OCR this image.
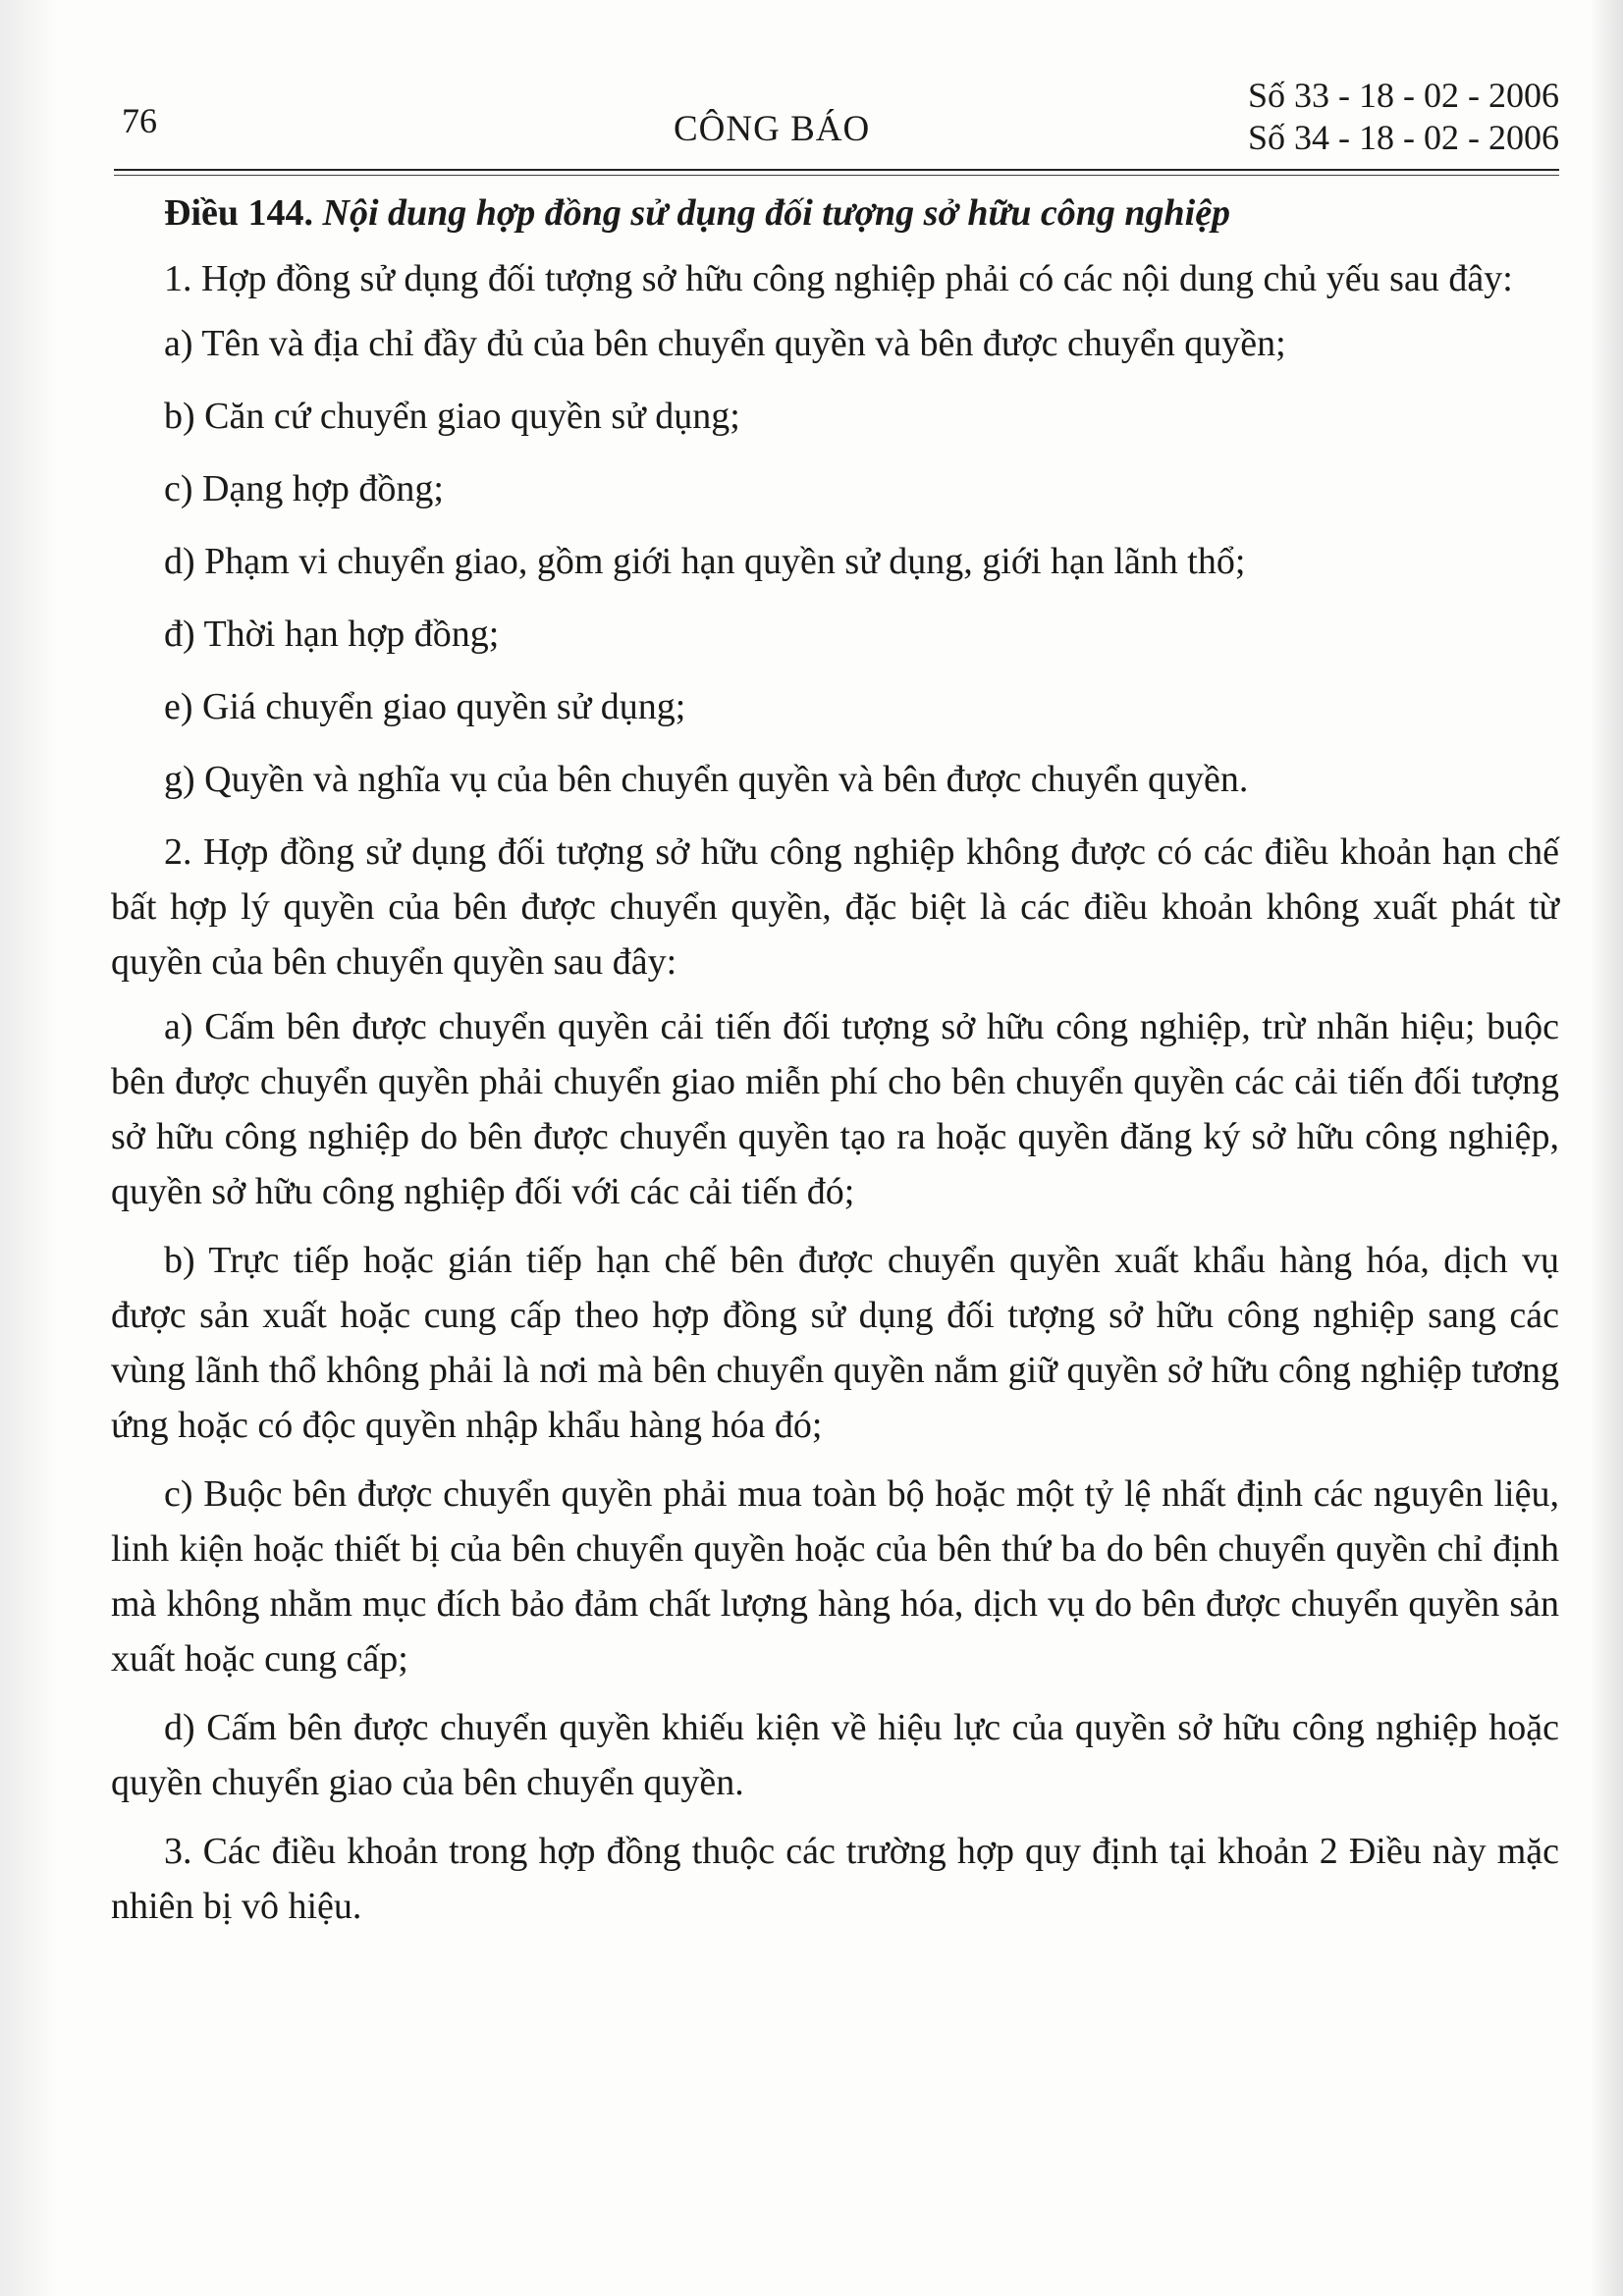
76	CÔNG BÁO
Số 33 - 18 - 02 - 2006
Số 34 - 18 - 02 - 2006

Điều 144. Nội dung hợp đồng sử dụng đối tượng sở hữu công nghiệp

1. Hợp đồng sử dụng đối tượng sở hữu công nghiệp phải có các nội dung chủ yếu sau đây:

a) Tên và địa chỉ đầy đủ của bên chuyển quyền và bên được chuyển quyền;

b) Căn cứ chuyển giao quyền sử dụng;

c) Dạng hợp đồng;

d) Phạm vi chuyển giao, gồm giới hạn quyền sử dụng, giới hạn lãnh thổ;

đ) Thời hạn hợp đồng;

e) Giá chuyển giao quyền sử dụng;

g) Quyền và nghĩa vụ của bên chuyển quyền và bên được chuyển quyền.

2. Hợp đồng sử dụng đối tượng sở hữu công nghiệp không được có các điều khoản hạn chế bất hợp lý quyền của bên được chuyển quyền, đặc biệt là các điều khoản không xuất phát từ quyền của bên chuyển quyền sau đây:

a) Cấm bên được chuyển quyền cải tiến đối tượng sở hữu công nghiệp, trừ nhãn hiệu; buộc bên được chuyển quyền phải chuyển giao miễn phí cho bên chuyển quyền các cải tiến đối tượng sở hữu công nghiệp do bên được chuyển quyền tạo ra hoặc quyền đăng ký sở hữu công nghiệp, quyền sở hữu công nghiệp đối với các cải tiến đó;

b) Trực tiếp hoặc gián tiếp hạn chế bên được chuyển quyền xuất khẩu hàng hóa, dịch vụ được sản xuất hoặc cung cấp theo hợp đồng sử dụng đối tượng sở hữu công nghiệp sang các vùng lãnh thổ không phải là nơi mà bên chuyển quyền nắm giữ quyền sở hữu công nghiệp tương ứng hoặc có độc quyền nhập khẩu hàng hóa đó;

c) Buộc bên được chuyển quyền phải mua toàn bộ hoặc một tỷ lệ nhất định các nguyên liệu, linh kiện hoặc thiết bị của bên chuyển quyền hoặc của bên thứ ba do bên chuyển quyền chỉ định mà không nhằm mục đích bảo đảm chất lượng hàng hóa, dịch vụ do bên được chuyển quyền sản xuất hoặc cung cấp;

d) Cấm bên được chuyển quyền khiếu kiện về hiệu lực của quyền sở hữu công nghiệp hoặc quyền chuyển giao của bên chuyển quyền.

3. Các điều khoản trong hợp đồng thuộc các trường hợp quy định tại khoản 2 Điều này mặc nhiên bị vô hiệu.
